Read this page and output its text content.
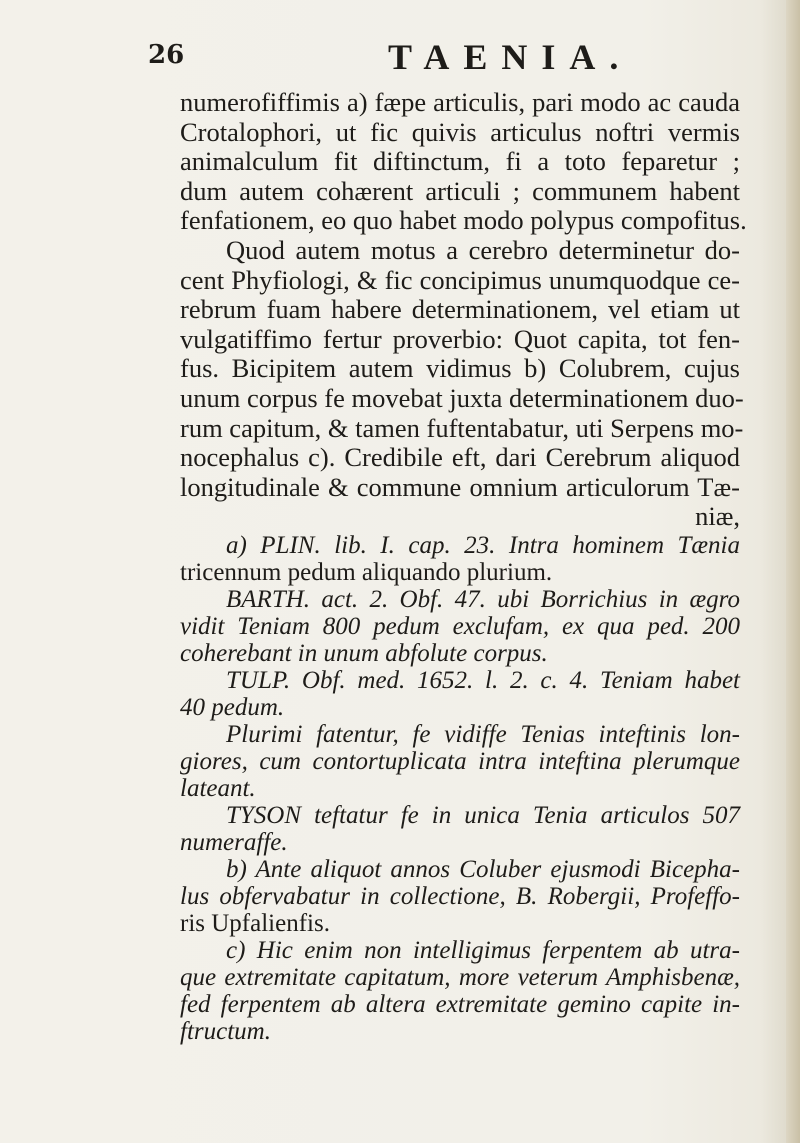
26	TAENIA.
numerofiffimis a) fæpe articulis, pari modo ac cauda
Crotalophori, ut fic quivis articulus noftri vermis
animalculum fit diftinctum, fi a toto feparetur ;
dum autem cohærent articuli ; communem habent
fenfationem, eo quo habet modo polypus compofitus.
Quod autem motus a cerebro determinetur do-
cent Phyfiologi, & fic concipimus unumquodque ce-
rebrum fuam habere determinationem, vel etiam ut
vulgatiffimo fertur proverbio: Quot capita, tot fen-
fus. Bicipitem autem vidimus b) Colubrem, cujus
unum corpus fe movebat juxta determinationem duo-
rum capitum, & tamen fuftentabatur, uti Serpens mo-
nocephalus c). Credibile eft, dari Cerebrum aliquod
longitudinale & commune omnium articulorum Tæ-
niæ,
a) PLIN. lib. I. cap. 23. Intra hominem Tænia
tricennum pedum aliquando plurium.
BARTH. act. 2. Obf. 47. ubi Borrichius in ægro
vidit Teniam 800 pedum exclufam, ex qua ped. 200
coherebant in unum abfolute corpus.
TULP. Obf. med. 1652. l. 2. c. 4. Teniam habet
40 pedum.
Plurimi fatentur, fe vidiffe Tenias inteftinis lon-
giores, cum contortuplicata intra inteftina plerumque
lateant.
TYSON teftatur fe in unica Tenia articulos 507
numeraffe.
b) Ante aliquot annos Coluber ejusmodi Bicepha-
lus obfervabatur in collectione, B. Robergii, Profeffo-
ris Upfalienfis.
c) Hic enim non intelligimus ferpentem ab utra-
que extremitate capitatum, more veterum Amphisbenæ,
fed ferpentem ab altera extremitate gemino capite in-
ftructum.
